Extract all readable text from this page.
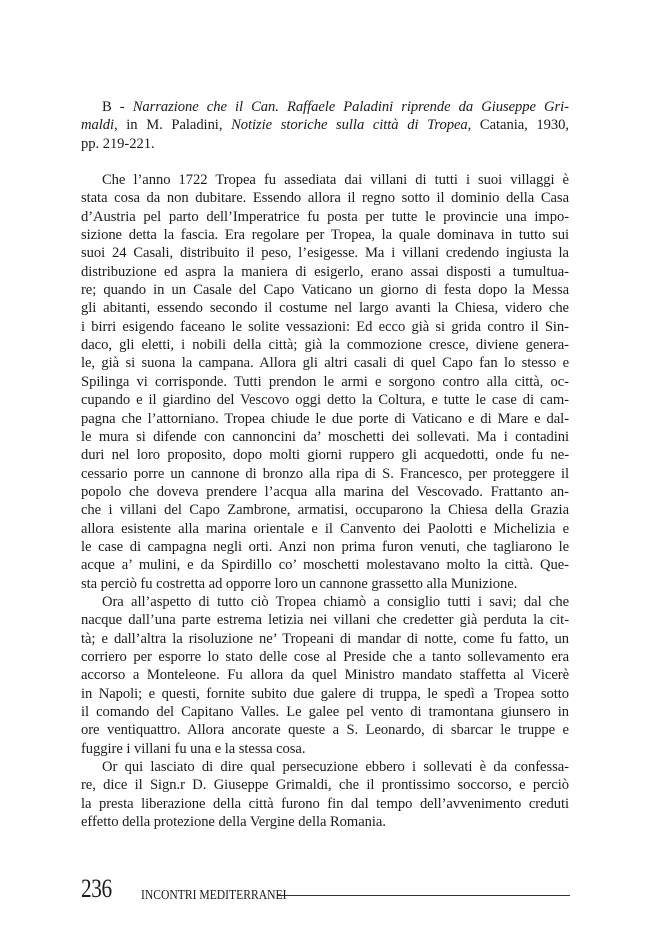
B - Narrazione che il Can. Raffaele Paladini riprende da Giuseppe Gri-
maldi, in M. Paladini, Notizie storiche sulla città di Tropea, Catania, 1930,
pp. 219-221.
Che l’anno 1722 Tropea fu assediata dai villani di tutti i suoi villaggi è
stata cosa da non dubitare. Essendo allora il regno sotto il dominio della Casa
d’Austria pel parto dell’Imperatrice fu posta per tutte le provincie una impo-
sizione detta la fascia. Era regolare per Tropea, la quale dominava in tutto sui
suoi 24 Casali, distribuito il peso, l’esigesse. Ma i villani credendo ingiusta la
distribuzione ed aspra la maniera di esigerlo, erano assai disposti a tumultua-
re; quando in un Casale del Capo Vaticano un giorno di festa dopo la Messa
gli abitanti, essendo secondo il costume nel largo avanti la Chiesa, videro che
i birri esigendo faceano le solite vessazioni: Ed ecco già si grida contro il Sin-
daco, gli eletti, i nobili della città; già la commozione cresce, diviene genera-
le, già si suona la campana. Allora gli altri casali di quel Capo fan lo stesso e
Spilinga vi corrisponde. Tutti prendon le armi e sorgono contro alla città, oc-
cupando e il giardino del Vescovo oggi detto la Coltura, e tutte le case di cam-
pagna che l’attorniano. Tropea chiude le due porte di Vaticano e di Mare e dal-
le mura si difende con cannoncini da’ moschetti dei sollevati. Ma i contadini
duri nel loro proposito, dopo molti giorni ruppero gli acquedotti, onde fu ne-
cessario porre un cannone di bronzo alla ripa di S. Francesco, per proteggere il
popolo che doveva prendere l’acqua alla marina del Vescovado. Frattanto an-
che i villani del Capo Zambrone, armatisi, occuparono la Chiesa della Grazia
allora esistente alla marina orientale e il Canvento dei Paolotti e Michelizia e
le case di campagna negli orti. Anzi non prima furon venuti, che tagliarono le
acque a’ mulini, e da Spirdillo co’ moschetti molestavano molto la città. Que-
sta perciò fu costretta ad opporre loro un cannone grassetto alla Munizione.
Ora all’aspetto di tutto ciò Tropea chiamò a consiglio tutti i savi; dal che
nacque dall’una parte estrema letizia nei villani che credetter già perduta la cit-
tà; e dall’altra la risoluzione ne’ Tropeani di mandar di notte, come fu fatto, un
corriero per esporre lo stato delle cose al Preside che a tanto sollevamento era
accorso a Monteleone. Fu allora da quel Ministro mandato staffetta al Vicerè
in Napoli; e questi, fornite subito due galere di truppa, le spedì a Tropea sotto
il comando del Capitano Valles. Le galee pel vento di tramontana giunsero in
ore ventiquattro. Allora ancorate queste a S. Leonardo, di sbarcar le truppe e
fuggire i villani fu una e la stessa cosa.
Or qui lasciato di dire qual persecuzione ebbero i sollevati è da confessa-
re, dice il Sign.r D. Giuseppe Grimaldi, che il prontissimo soccorso, e perciò
la presta liberazione della città furono fin dal tempo dell’avvenimento creduti
effetto della protezione della Vergine della Romania.
236	INCONTRI MEDITERRANEI
